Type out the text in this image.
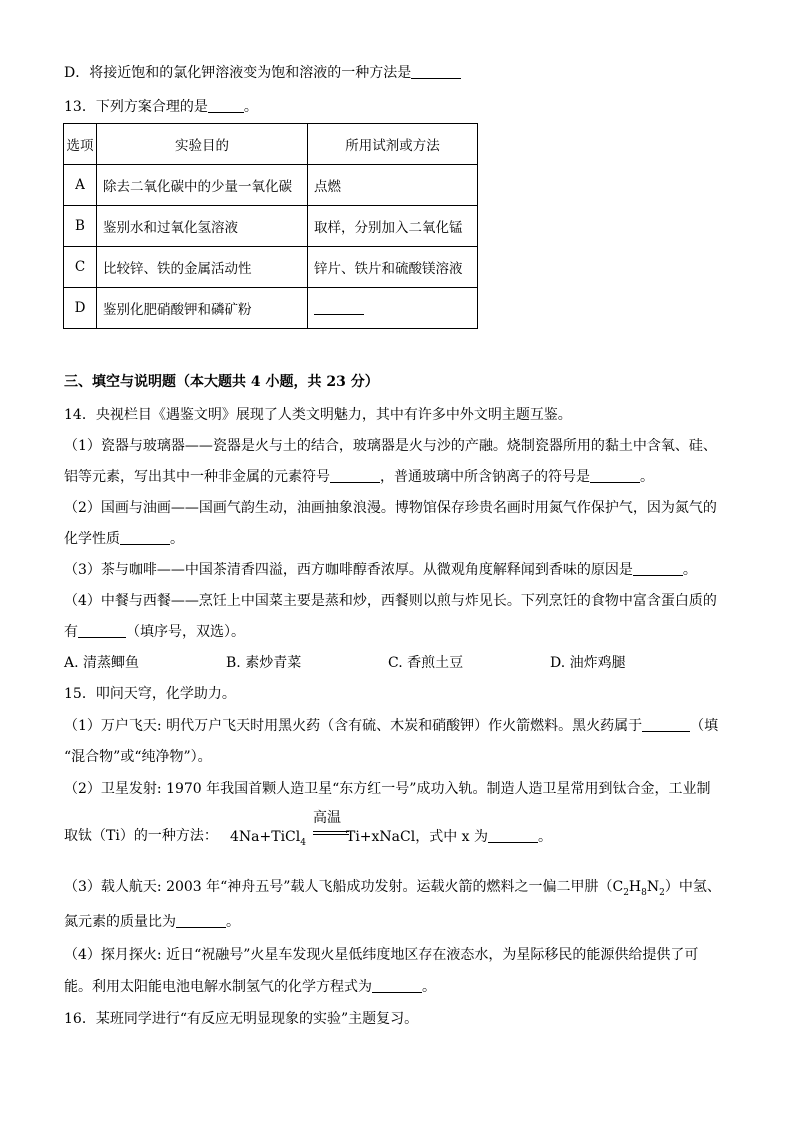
D．将接近饱和的氯化钾溶液变为饱和溶液的一种方法是
13．下列方案合理的是	。
选项	实验目的	所用试剂或方法
A	除去二氧化碳中的少量一氧化碳	点燃
B	鉴别水和过氧化氢溶液	取样，分别加入二氧化锰
C	比较锌、铁的金属活动性	锌片、铁片和硫酸镁溶液
D	鉴别化肥硝酸钾和磷矿粉	
三、填空与说明题（本大题共 4 小题，共 23 分）
14．央视栏目《遇鉴文明》展现了人类文明魅力，其中有许多中外文明主题互鉴。
（1）瓷器与玻璃器——瓷器是火与土的结合，玻璃器是火与沙的产融。烧制瓷器所用的黏土中含氧、硅、
铝等元素，写出其中一种非金属的元素符号	，普通玻璃中所含钠离子的符号是	。
（2）国画与油画——国画气韵生动，油画抽象浪漫。博物馆保存珍贵名画时用氮气作保护气，因为氮气的
化学性质	。
（3）茶与咖啡——中国茶清香四溢，西方咖啡醇香浓厚。从微观角度解释闻到香味的原因是	。
（4）中餐与西餐——烹饪上中国菜主要是蒸和炒，西餐则以煎与炸见长。下列烹饪的食物中富含蛋白质的
有	（填序号，双选）。
A. 清蒸鲫鱼	B. 素炒青菜	C. 香煎土豆	D. 油炸鸡腿
15．叩问天穹，化学助力。
（1）万户飞天: 明代万户飞天时用黑火药（含有硫、木炭和硝酸钾）作火箭燃料。黑火药属于	（填
“混合物”或“纯净物”）。
（2）卫星发射: 1970 年我国首颗人造卫星“东方红一号”成功入轨。制造人造卫星常用到钛合金，工业制
取钛（Ti）的一种方法： 4Na+TiCl$_4$	Ti+xNaCl，式中 x 为	。
高温
（3）载人航天: 2003 年“神舟五号”载人飞船成功发射。运载火箭的燃料之一偏二甲肼$(C_2H_8N_2)$中氢、
氮元素的质量比为	。
（4）探月探火: 近日“祝融号”火星车发现火星低纬度地区存在液态水，为星际移民的能源供给提供了可
能。利用太阳能电池电解水制氢气的化学方程式为	。
16．某班同学进行“有反应无明显现象的实验”主题复习。
